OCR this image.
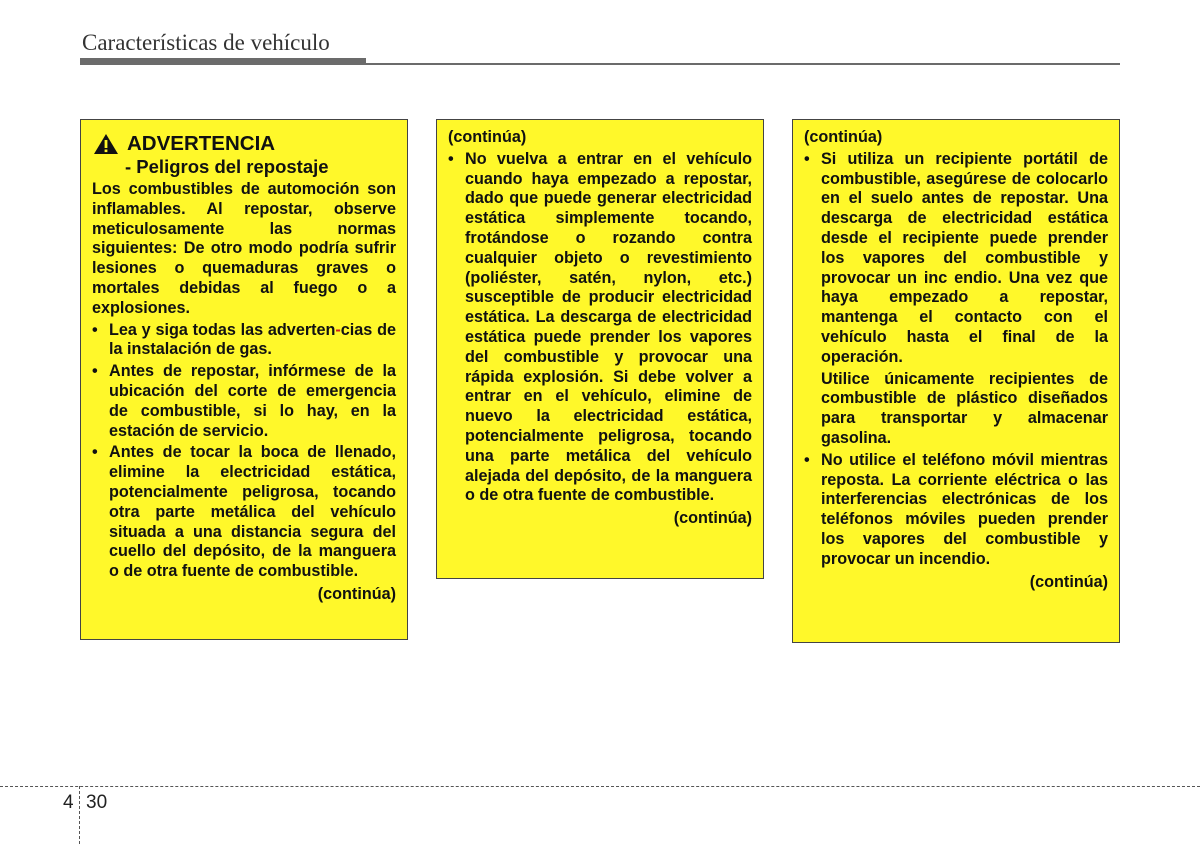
Características de vehículo
ADVERTENCIA
- Peligros del repostaje
Los combustibles de automoción son inflamables. Al repostar, observe meticulosamente las normas siguientes: De otro modo podría sufrir lesiones o quemaduras graves o mortales debidas al fuego o a explosiones.
• Lea y siga todas las adverten-cias de la instalación de gas.
• Antes de repostar, infórmese de la ubicación del corte de emergencia de combustible, si lo hay, en la estación de servicio.
• Antes de tocar la boca de llenado, elimine la electricidad estática, potencialmente peligrosa, tocando otra parte metálica del vehículo situada a una distancia segura del cuello del depósito, de la manguera o de otra fuente de combustible.
(continúa)
(continúa)
• No vuelva a entrar en el vehículo cuando haya empezado a repostar, dado que puede generar electricidad estática simplemente tocando, frotándose o rozando contra cualquier objeto o revestimiento (poliéster, satén, nylon, etc.) susceptible de producir electricidad estática. La descarga de electricidad estática puede prender los vapores del combustible y provocar una rápida explosión. Si debe volver a entrar en el vehículo, elimine de nuevo la electricidad estática, potencialmente peligrosa, tocando una parte metálica del vehículo alejada del depósito, de la manguera o de otra fuente de combustible.
(continúa)
(continúa)
• Si utiliza un recipiente portátil de combustible, asegúrese de colocarlo en el suelo antes de repostar. Una descarga de electricidad estática desde el recipiente puede prender los vapores del combustible y provocar un inc endio. Una vez que haya empezado a repostar, mantenga el contacto con el vehículo hasta el final de la operación.
Utilice únicamente recipientes de combustible de plástico diseñados para transportar y almacenar gasolina.
• No utilice el teléfono móvil mientras reposta. La corriente eléctrica o las interferencias electrónicas de los teléfonos móviles pueden prender los vapores del combustible y provocar un incendio.
(continúa)
4 30
